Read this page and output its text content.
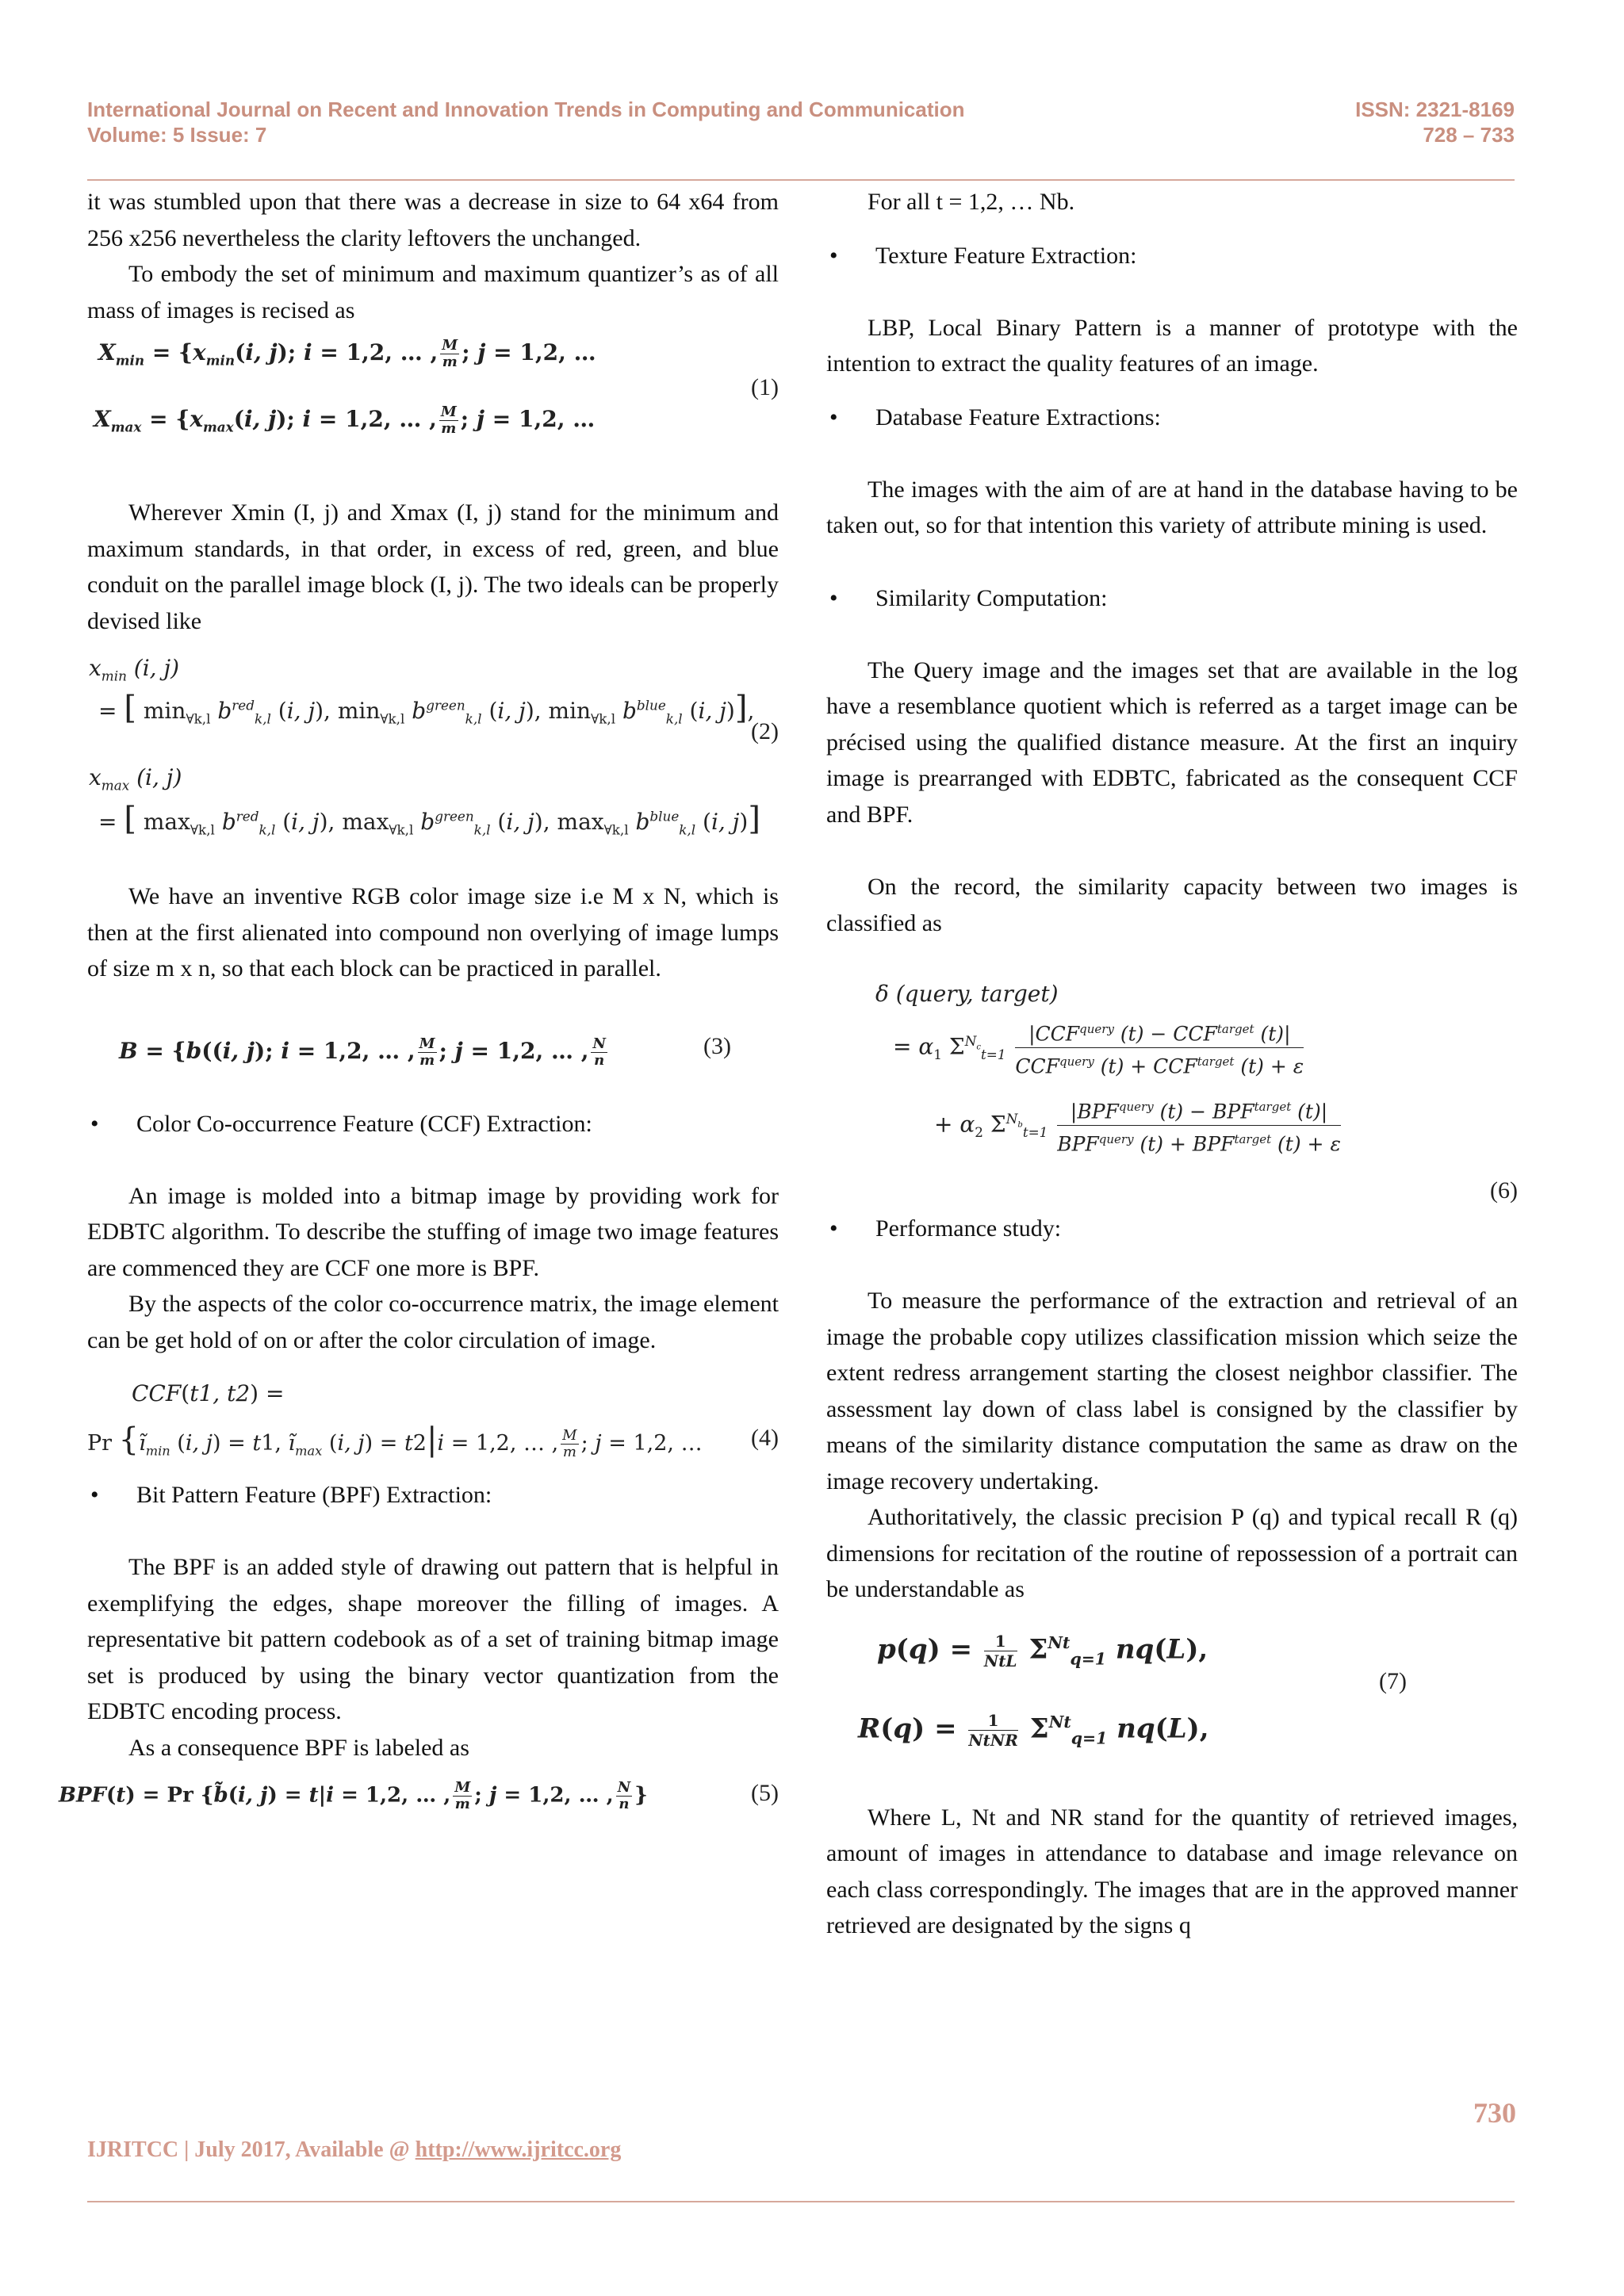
International Journal on Recent and Innovation Trends in Computing and Communication
Volume: 5 Issue: 7
ISSN: 2321-8169
728 – 733

it was stumbled upon that there was a decrease in size to 64 x64 from 256 x256 nevertheless the clarity leftovers the unchanged.

To embody the set of minimum and maximum quantizer’s as of all mass of images is recised as

$X_{min} = \{x_{min}(i$, j); i = 1,2, … , $\frac{M}{m}$ ; j = 1,2, …
(1)
$X_{max} = \{x_{max}(i$, j); i = 1,2, … , $\frac{M}{m}$ ; j = 1,2, …

Wherever Xmin (I, j) and Xmax (I, j) stand for the minimum and maximum standards, in that order, in excess of red, green, and blue conduit on the parallel image block (I, j). The two ideals can be properly devised like

$x_{min}$ (i, j)
= [ $\min_{\forall k,l} b^{red}_{k,l}$ (i, j), $\min_{\forall k,l} b^{green}_{k,l}$ (i, j), $\min_{\forall k,l} b^{blue}_{k,l}$ (i, j)],
(2)
$x_{max}$ (i, j)
= [ $\max_{\forall k,l} b^{red}_{k,l}$ (i, j), $\max_{\forall k,l} b^{green}_{k,l}$ (i, j), $\max_{\forall k,l} b^{blue}_{k,l}$ (i, j)]

We have an inventive RGB color image size i.e M x N, which is then at the first alienated into compound non overlying of image lumps of size m x n, so that each block can be practiced in parallel.

B = {b((i, j); i = 1,2, … , $\frac{M}{m}$ ; j = 1,2, … , $\frac{N}{n}$	(3)
•	Color Co-occurrence Feature (CCF) Extraction:

An image is molded into a bitmap image by providing work for EDBTC algorithm. To describe the stuffing of image two image features are commenced they are CCF one more is BPF.

By the aspects of the color co-occurrence matrix, the image element can be get hold of on or after the color circulation of image.

CCF(t1, t2) =
Pr {$ĩ_{min}$ (i, j) = t1, $ĩ_{max}$ (i, j) = t2|i = 1,2, … , $\frac{M}{m}$ ; j = 1,2, … (4)
•	Bit Pattern Feature (BPF) Extraction:

The BPF is an added style of drawing out pattern that is helpful in exemplifying the edges, shape moreover the filling of images. A representative bit pattern codebook as of a set of training bitmap image set is produced by using the binary vector quantization from the EDBTC encoding process.

As a consequence BPF is labeled as

BPF(t) = Pr {b̃(i, j) = t|i = 1,2, … , $\frac{M}{m}$ ; j = 1,2, … , $\frac{N}{n}$ }	(5)

For all t = 1,2, … Nb.

•	Texture Feature Extraction:

LBP, Local Binary Pattern is a manner of prototype with the intention to extract the quality features of an image.

•	Database Feature Extractions:

The images with the aim of are at hand in the database having to be taken out, so for that intention this variety of attribute mining is used.

•	Similarity Computation:

The Query image and the images set that are available in the log have a resemblance quotient which is referred as a target image can be précised using the qualified distance measure. At the first an inquiry image is prearranged with EDBTC, fabricated as the consequent CCF and BPF.

On the record, the similarity capacity between two images is classified as

δ (query, target)
= $\alpha_1$ $\Sigma^{N_c}_{t=1} \frac{|CCF^{query} (t) - CCF^{target} (t)|}{CCF^{query} (t) + CCF^{target} (t) + \varepsilon}$
+ $\alpha_2$ $\Sigma^{N_b}_{t=1} \frac{|BPF^{query} (t) - BPF^{target} (t)|}{BPF^{query} (t) + BPF^{target} (t) + \varepsilon}$
(6)
•	Performance study:

To measure the performance of the extraction and retrieval of an image the probable copy utilizes classification mission which seize the extent redress arrangement starting the closest neighbor classifier. The assessment lay down of class label is consigned by the classifier by means of the similarity distance computation the same as draw on the image recovery undertaking.

Authoritatively, the classic precision P (q) and typical recall R (q) dimensions for recitation of the routine of repossession of a portrait can be understandable as

$p(q) = \frac{1}{\text{NtL}} \Sigma^{Nt}_{q=1}$ nq(L),
(7)
$R(q) = \frac{1}{\text{NtNR}} \Sigma^{Nt}_{q=1}$ nq(L),

Where L, Nt and NR stand for the quantity of retrieved images, amount of images in attendance to database and image relevance on each class correspondingly. The images that are in the approved manner retrieved are designated by the signs q

730
IJRITCC | July 2017, Available @ http://www.ijritcc.org
